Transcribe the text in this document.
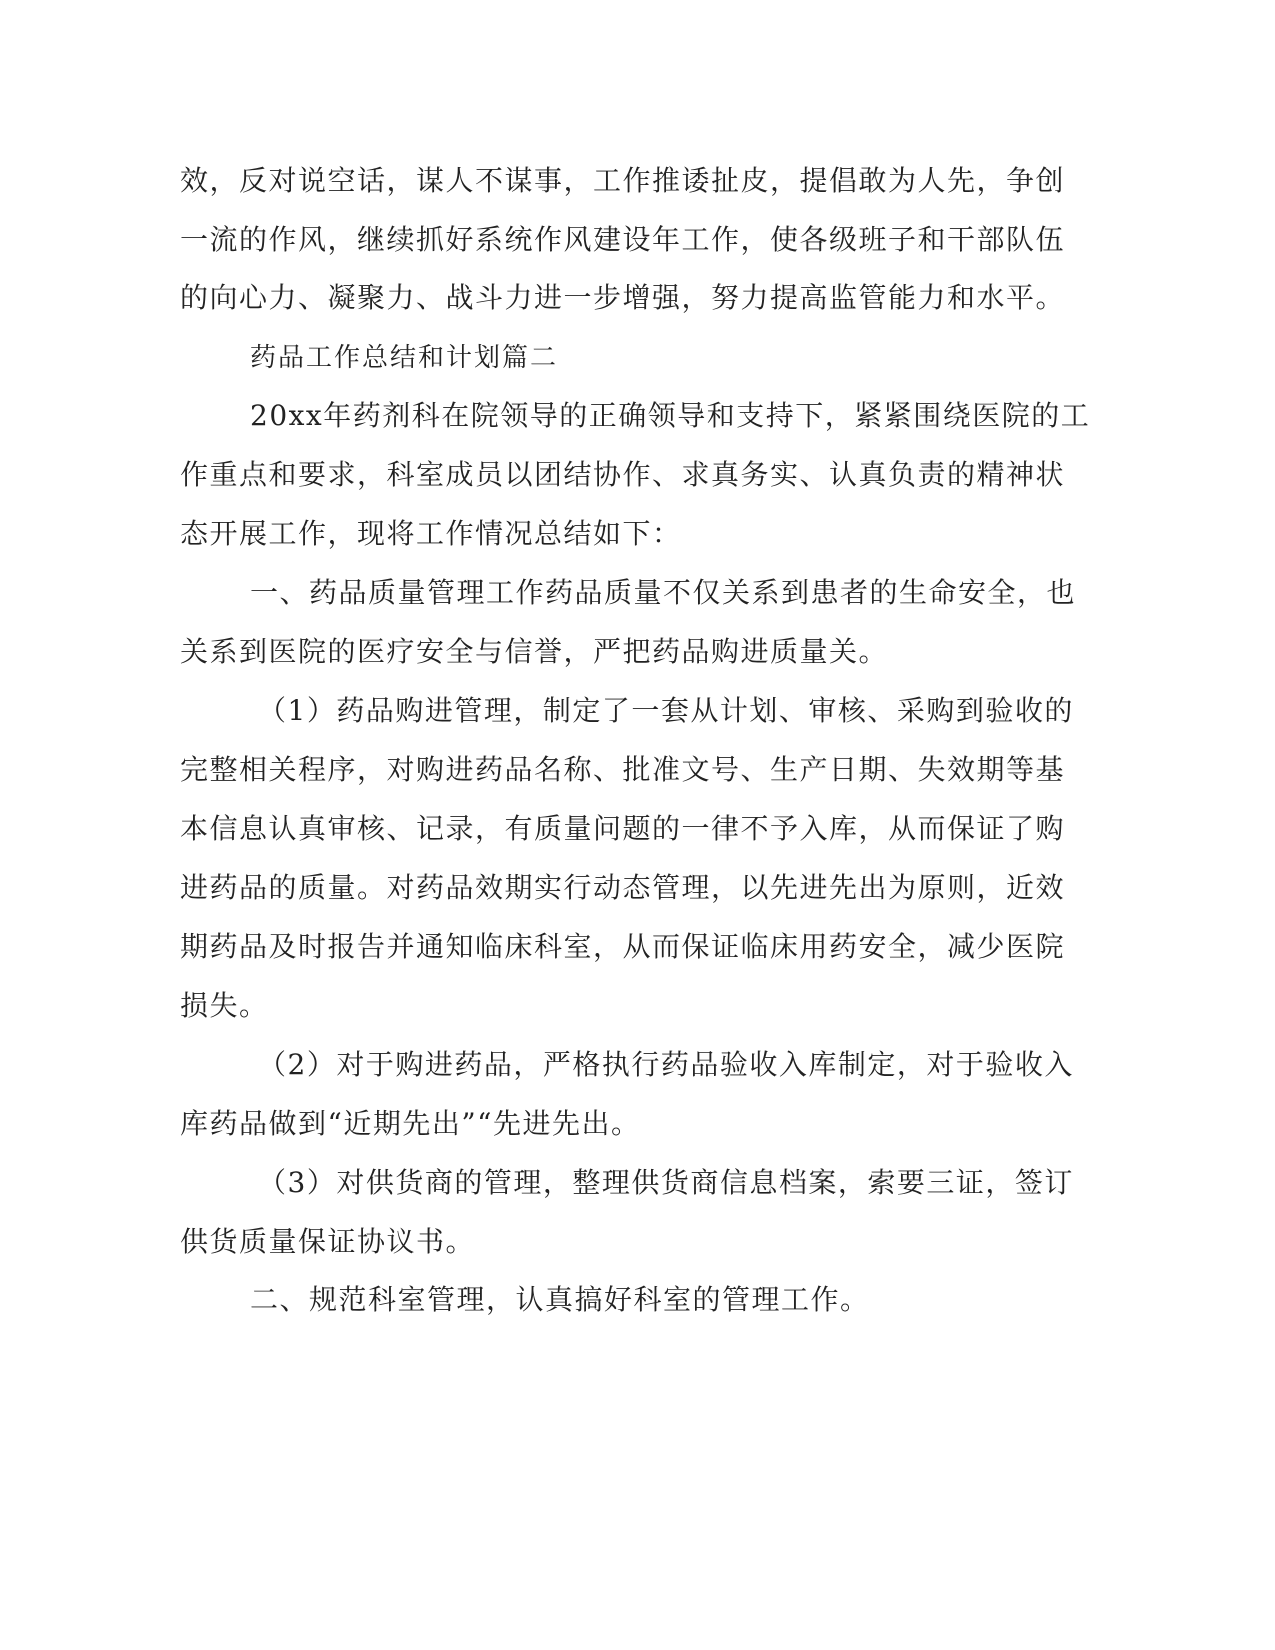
效，反对说空话，谋人不谋事，工作推诿扯皮，提倡敢为人先，争创

一流的作风，继续抓好系统作风建设年工作，使各级班子和干部队伍

的向心力、凝聚力、战斗力进一步增强，努力提高监管能力和水平。

药品工作总结和计划篇二

20xx年药剂科在院领导的正确领导和支持下，紧紧围绕医院的工

作重点和要求，科室成员以团结协作、求真务实、认真负责的精神状

态开展工作，现将工作情况总结如下：

一、药品质量管理工作药品质量不仅关系到患者的生命安全，也

关系到医院的医疗安全与信誉，严把药品购进质量关。

（1）药品购进管理，制定了一套从计划、审核、采购到验收的

完整相关程序，对购进药品名称、批准文号、生产日期、失效期等基

本信息认真审核、记录，有质量问题的一律不予入库，从而保证了购

进药品的质量。对药品效期实行动态管理，以先进先出为原则，近效

期药品及时报告并通知临床科室，从而保证临床用药安全，减少医院

损失。

（2）对于购进药品，严格执行药品验收入库制定，对于验收入

库药品做到“近期先出”“先进先出。

（3）对供货商的管理，整理供货商信息档案，索要三证，签订

供货质量保证协议书。

二、规范科室管理，认真搞好科室的管理工作。
